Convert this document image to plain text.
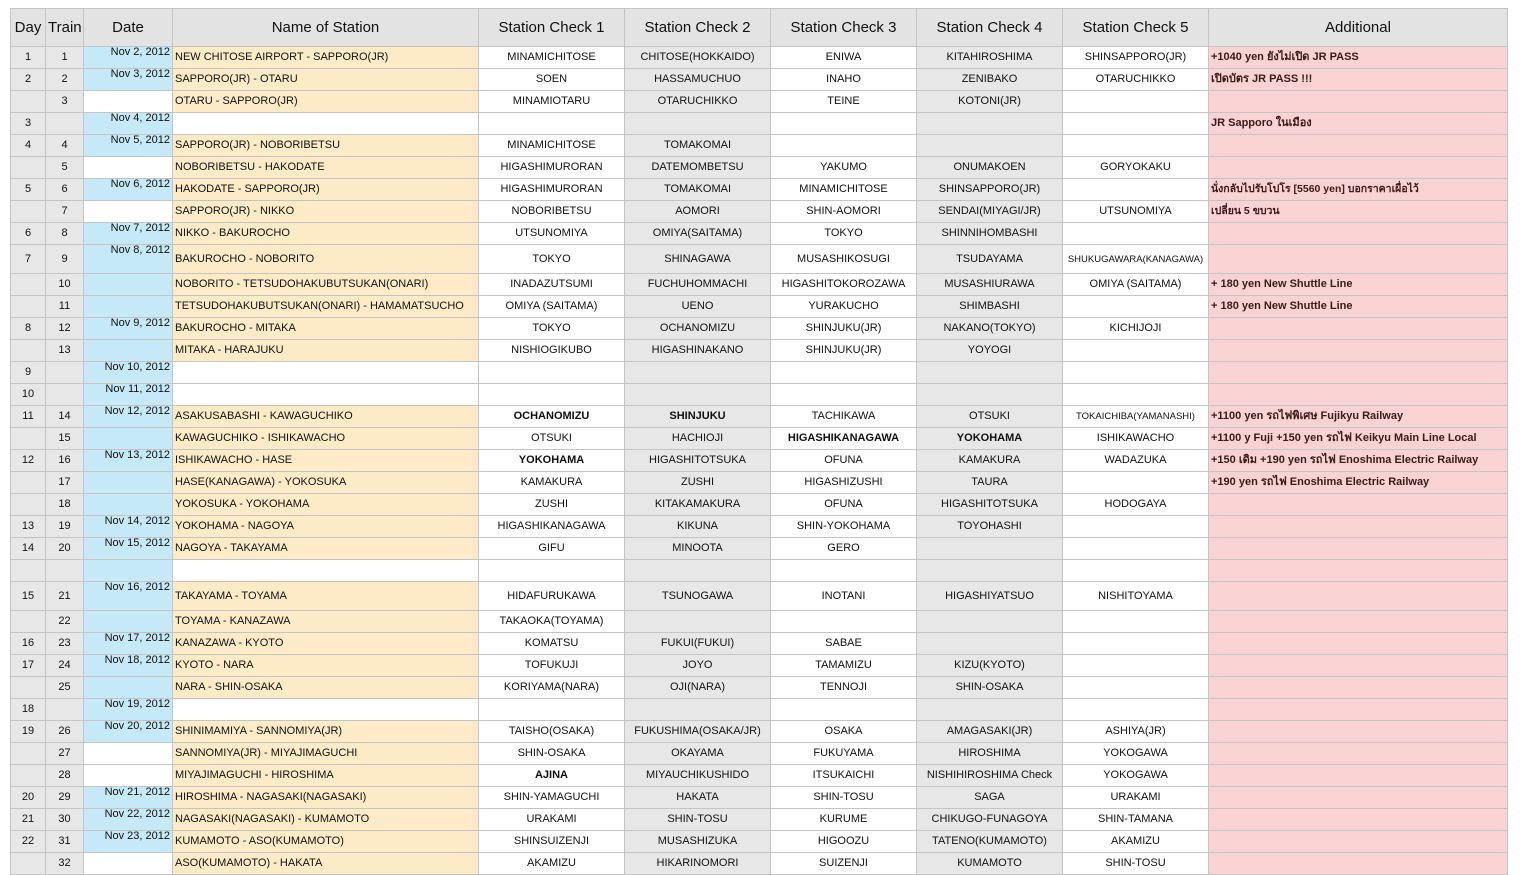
Day	Train	Date	Name of Station	Station Check 1	Station Check 2	Station Check 3	Station Check 4	Station Check 5	Additional
1	1	Nov 2, 2012	NEW CHITOSE AIRPORT - SAPPORO(JR)	MINAMICHITOSE	CHITOSE(HOKKAIDO)	ENIWA	KITAHIROSHIMA	SHINSAPPORO(JR)	+1040 yen ยังไม่เปิด JR PASS
2	2	Nov 3, 2012	SAPPORO(JR) - OTARU	SOEN	HASSAMUCHUO	INAHO	ZENIBAKO	OTARUCHIKKO	เปิดบัตร JR PASS !!!
	3		OTARU - SAPPORO(JR)	MINAMIOTARU	OTARUCHIKKO	TEINE	KOTONI(JR)		
3		Nov 4, 2012							JR Sapporo ในเมือง
4	4	Nov 5, 2012	SAPPORO(JR) - NOBORIBETSU	MINAMICHITOSE	TOMAKOMAI				
	5		NOBORIBETSU - HAKODATE	HIGASHIMURORAN	DATEMOMBETSU	YAKUMO	ONUMAKOEN	GORYOKAKU	
5	6	Nov 6, 2012	HAKODATE - SAPPORO(JR)	HIGASHIMURORAN	TOMAKOMAI	MINAMICHITOSE	SHINSAPPORO(JR)		นั่งกลับไปรับโปโร [5560 yen] บอกราคาเผื่อไว้
	7		SAPPORO(JR) - NIKKO	NOBORIBETSU	AOMORI	SHIN-AOMORI	SENDAI(MIYAGI/JR)	UTSUNOMIYA	เปลี่ยน 5 ขบวน
6	8	Nov 7, 2012	NIKKO - BAKUROCHO	UTSUNOMIYA	OMIYA(SAITAMA)	TOKYO	SHINNIHOMBASHI		
7	9	Nov 8, 2012	BAKUROCHO - NOBORITO	TOKYO	SHINAGAWA	MUSASHIKOSUGI	TSUDAYAMA	SHUKUGAWARA(KANAGAWA)	
	10		NOBORITO - TETSUDOHAKUBUTSUKAN(ONARI)	INADAZUTSUMI	FUCHUHOMMACHI	HIGASHITOKOROZAWA	MUSASHIURAWA	OMIYA (SAITAMA)	+ 180 yen New Shuttle Line
	11		TETSUDOHAKUBUTSUKAN(ONARI) - HAMAMATSUCHO	OMIYA (SAITAMA)	UENO	YURAKUCHO	SHIMBASHI		+ 180 yen New Shuttle Line
8	12	Nov 9, 2012	BAKUROCHO - MITAKA	TOKYO	OCHANOMIZU	SHINJUKU(JR)	NAKANO(TOKYO)	KICHIJOJI	
	13		MITAKA - HARAJUKU	NISHIOGIKUBO	HIGASHINAKANO	SHINJUKU(JR)	YOYOGI		
9		Nov 10, 2012							
10		Nov 11, 2012							
11	14	Nov 12, 2012	ASAKUSABASHI - KAWAGUCHIKO	OCHANOMIZU	SHINJUKU	TACHIKAWA	OTSUKI	TOKAICHIBA(YAMANASHI)	+1100 yen รถไฟพิเศษ Fujikyu Railway
	15		KAWAGUCHIKO - ISHIKAWACHO	OTSUKI	HACHIOJI	HIGASHIKANAGAWA	YOKOHAMA	ISHIKAWACHO	+1100 y Fuji +150 yen รถไฟ Keikyu Main Line Local
12	16	Nov 13, 2012	ISHIKAWACHO - HASE	YOKOHAMA	HIGASHITOTSUKA	OFUNA	KAMAKURA	WADAZUKA	+150 เดิม +190 yen รถไฟ Enoshima Electric Railway
	17		HASE(KANAGAWA) - YOKOSUKA	KAMAKURA	ZUSHI	HIGASHIZUSHI	TAURA		+190 yen รถไฟ Enoshima Electric Railway
	18		YOKOSUKA - YOKOHAMA	ZUSHI	KITAKAMAKURA	OFUNA	HIGASHITOTSUKA	HODOGAYA	
13	19	Nov 14, 2012	YOKOHAMA - NAGOYA	HIGASHIKANAGAWA	KIKUNA	SHIN-YOKOHAMA	TOYOHASHI		
14	20	Nov 15, 2012	NAGOYA - TAKAYAMA	GIFU	MINOOTA	GERO			

15	21	Nov 16, 2012	TAKAYAMA - TOYAMA	HIDAFURUKAWA	TSUNOGAWA	INOTANI	HIGASHIYATSUO	NISHITOYAMA	
	22		TOYAMA - KANAZAWA	TAKAOKA(TOYAMA)					
16	23	Nov 17, 2012	KANAZAWA - KYOTO	KOMATSU	FUKUI(FUKUI)	SABAE			
17	24	Nov 18, 2012	KYOTO - NARA	TOFUKUJI	JOYO	TAMAMIZU	KIZU(KYOTO)		
	25		NARA - SHIN-OSAKA	KORIYAMA(NARA)	OJI(NARA)	TENNOJI	SHIN-OSAKA		
18		Nov 19, 2012							
19	26	Nov 20, 2012	SHINIMAMIYA - SANNOMIYA(JR)	TAISHO(OSAKA)	FUKUSHIMA(OSAKA/JR)	OSAKA	AMAGASAKI(JR)	ASHIYA(JR)	
	27		SANNOMIYA(JR) - MIYAJIMAGUCHI	SHIN-OSAKA	OKAYAMA	FUKUYAMA	HIROSHIMA	YOKOGAWA	
	28		MIYAJIMAGUCHI - HIROSHIMA	AJINA	MIYAUCHIKUSHIDO	ITSUKAICHI	NISHIHIROSHIMA Check	YOKOGAWA	
20	29	Nov 21, 2012	HIROSHIMA - NAGASAKI(NAGASAKI)	SHIN-YAMAGUCHI	HAKATA	SHIN-TOSU	SAGA	URAKAMI	
21	30	Nov 22, 2012	NAGASAKI(NAGASAKI) - KUMAMOTO	URAKAMI	SHIN-TOSU	KURUME	CHIKUGO-FUNAGOYA	SHIN-TAMANA	
22	31	Nov 23, 2012	KUMAMOTO - ASO(KUMAMOTO)	SHINSUIZENJI	MUSASHIZUKA	HIGOOZU	TATENO(KUMAMOTO)	AKAMIZU	
	32		ASO(KUMAMOTO) - HAKATA	AKAMIZU	HIKARINOMORI	SUIZENJI	KUMAMOTO	SHIN-TOSU	
